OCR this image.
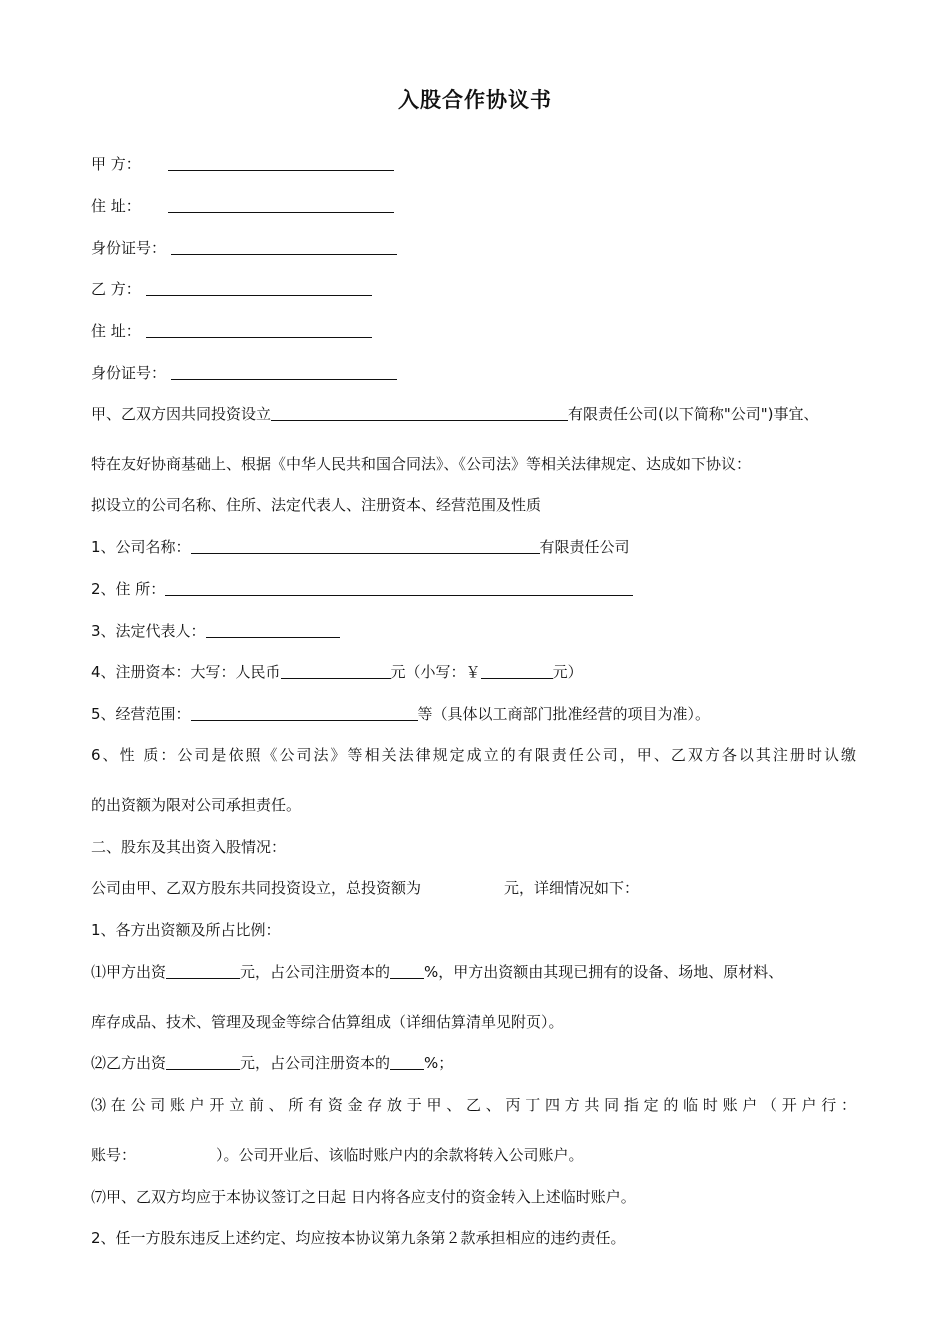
入股合作协议书
甲 方：
住 址：
身份证号：
乙 方：
住 址：
身份证号：
甲、乙双方因共同投资设立	有限责任公司(以下简称"公司")事宜、
特在友好协商基础上、根据《中华人民共和国合同法》、《公司法》等相关法律规定、达成如下协议：
拟设立的公司名称、住所、法定代表人、注册资本、经营范围及性质
1、公司名称：	有限责任公司
2、住 所：
3、法定代表人：
4、注册资本：大写：人民币	元（小写：￥	元）
5、经营范围：	等（具体以工商部门批准经营的项目为准）。
6、性 质：公司是依照《公司法》等相关法律规定成立的有限责任公司，甲、乙双方各以其注册时认缴
的出资额为限对公司承担责任。
二、股东及其出资入股情况：
公司由甲、乙双方股东共同投资设立，总投资额为	元，详细情况如下：
1、各方出资额及所占比例：
⑴甲方出资	元，占公司注册资本的 %，甲方出资额由其现已拥有的设备、场地、原材料、
库存成品、技术、管理及现金等综合估算组成（详细估算清单见附页）。
⑵乙方出资	元，占公司注册资本的 %；
⑶在公司账户开立前、所有资金存放于甲、乙、丙丁四方共同指定的临时账户（开户行：
账号：	）。公司开业后、该临时账户内的余款将转入公司账户。
⑺甲、乙双方均应于本协议签订之日起 日内将各应支付的资金转入上述临时账户。
2、任一方股东违反上述约定、均应按本协议第九条第２款承担相应的违约责任。
